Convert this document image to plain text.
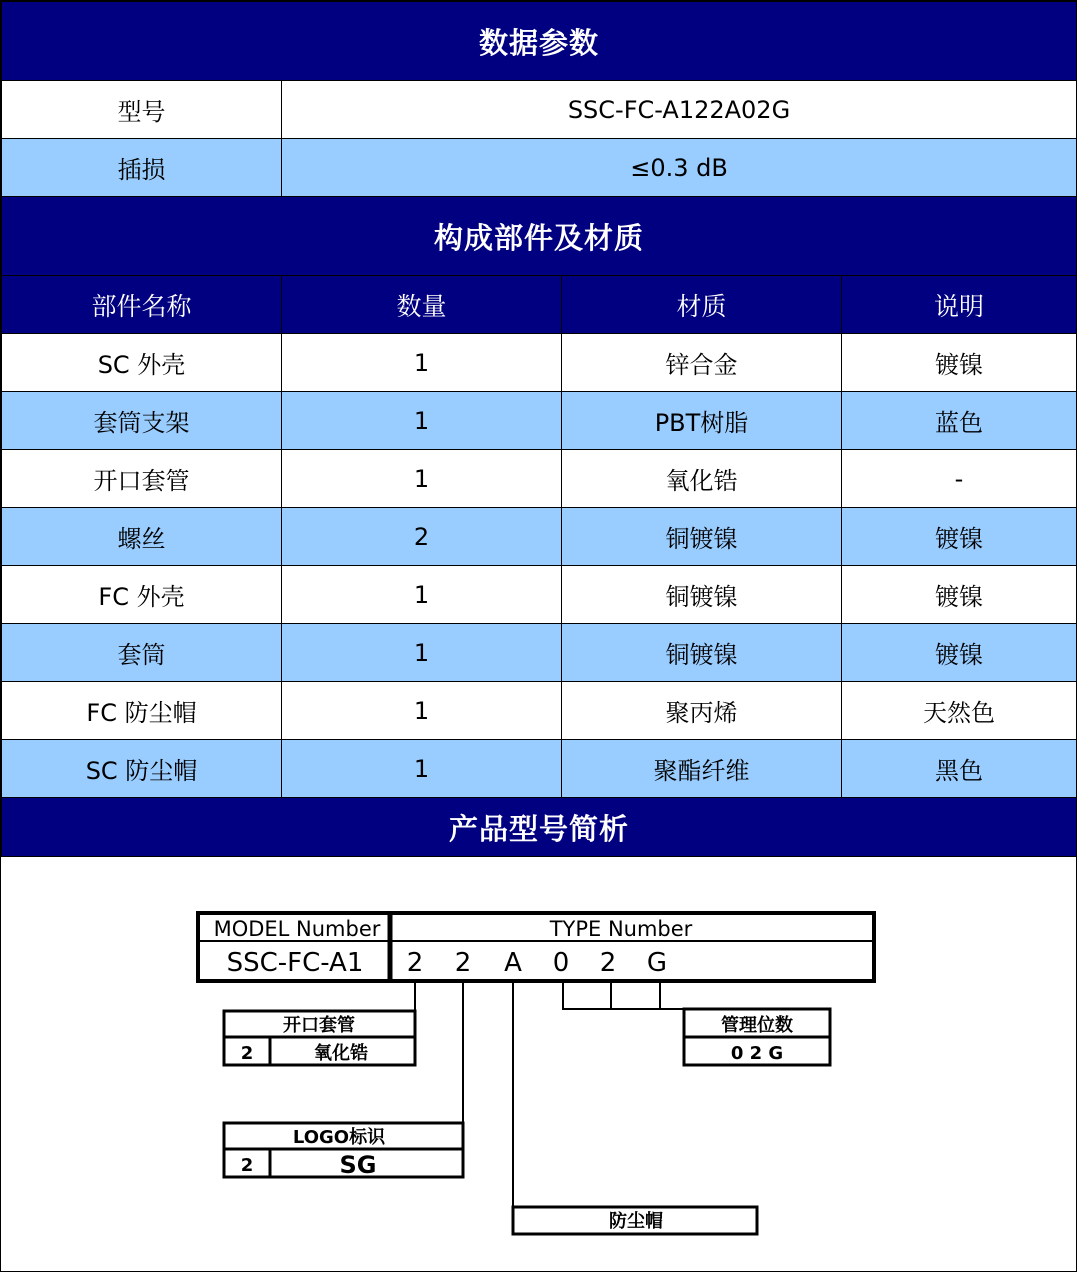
数据参数			
型号	SSC-FC-A122A02G		
插损	≤0.3 dB		
构成部件及材质			
部件名称	数量	材质	说明
SC 外壳	1	锌合金	镀镍
套筒支架	1	PBT树脂	蓝色
开口套管	1	氧化锆	-
螺丝	2	铜镀镍	镀镍
FC 外壳	1	铜镀镍	镀镍
套筒	1	铜镀镍	镀镍
FC 防尘帽	1	聚丙烯	天然色
SC 防尘帽	1	聚酯纤维	黑色
产品型号简析			
MODEL Number
SSC-FC-A1
TYPE Number
2 2 A 0 2 G
开口套管
2	氧化锆
LOGO标识
2	SG
管理位数
0 2 G
防尘帽
